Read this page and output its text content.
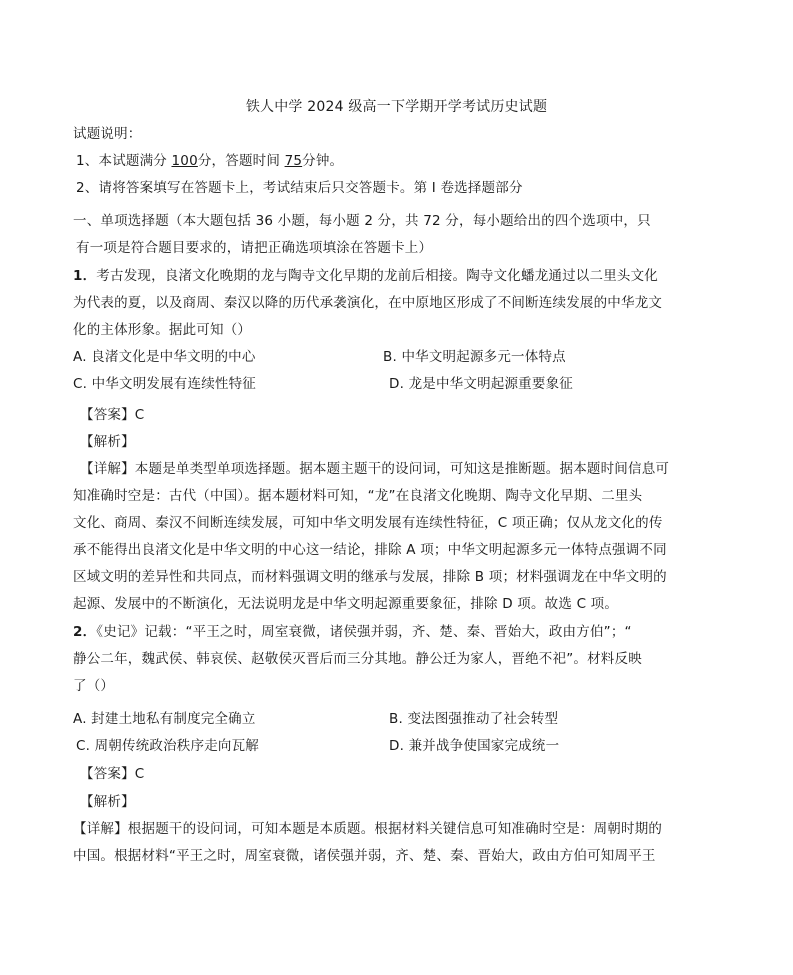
铁人中学 2024 级高一下学期开学考试历史试题
试题说明：
1、本试题满分 100分，答题时间 75分钟。
2、请将答案填写在答题卡上，考试结束后只交答题卡。第 I 卷选择题部分
一、单项选择题（本大题包括 36 小题，每小题 2 分，共 72 分，每小题给出的四个选项中，只
有一项是符合题目要求的，请把正确选项填涂在答题卡上）
1．考古发现，良渚文化晚期的龙与陶寺文化早期的龙前后相接。陶寺文化蟠龙通过以二里头文化
为代表的夏，以及商周、秦汉以降的历代承袭演化，在中原地区形成了不间断连续发展的中华龙文
化的主体形象。据此可知（）
A. 良渚文化是中华文明的中心	B. 中华文明起源多元一体特点
C. 中华文明发展有连续性特征	D. 龙是中华文明起源重要象征
【答案】C
【解析】
【详解】本题是单类型单项选择题。据本题主题干的设问词，可知这是推断题。据本题时间信息可
知准确时空是：古代（中国）。据本题材料可知，“龙”在良渚文化晚期、陶寺文化早期、二里头
文化、商周、秦汉不间断连续发展，可知中华文明发展有连续性特征，C 项正确；仅从龙文化的传
承不能得出良渚文化是中华文明的中心这一结论，排除 A 项；中华文明起源多元一体特点强调不同
区域文明的差异性和共同点，而材料强调文明的继承与发展，排除 B 项；材料强调龙在中华文明的
起源、发展中的不断演化，无法说明龙是中华文明起源重要象征，排除 D 项。故选 C 项。
2．《史记》记载：“平王之时，周室衰微，诸侯强并弱，齐、楚、秦、晋始大，政由方伯”；“
静公二年，魏武侯、韩哀侯、赵敬侯灭晋后而三分其地。静公迁为家人，晋绝不祀”。材料反映
了（）
A. 封建土地私有制度完全确立	B. 变法图强推动了社会转型
C. 周朝传统政治秩序走向瓦解	D. 兼并战争使国家完成统一
【答案】C
【解析】
【详解】根据题干的设问词，可知本题是本质题。根据材料关键信息可知准确时空是：周朝时期的
中国。根据材料“平王之时，周室衰微，诸侯强并弱，齐、楚、秦、晋始大，政由方伯可知周平王
